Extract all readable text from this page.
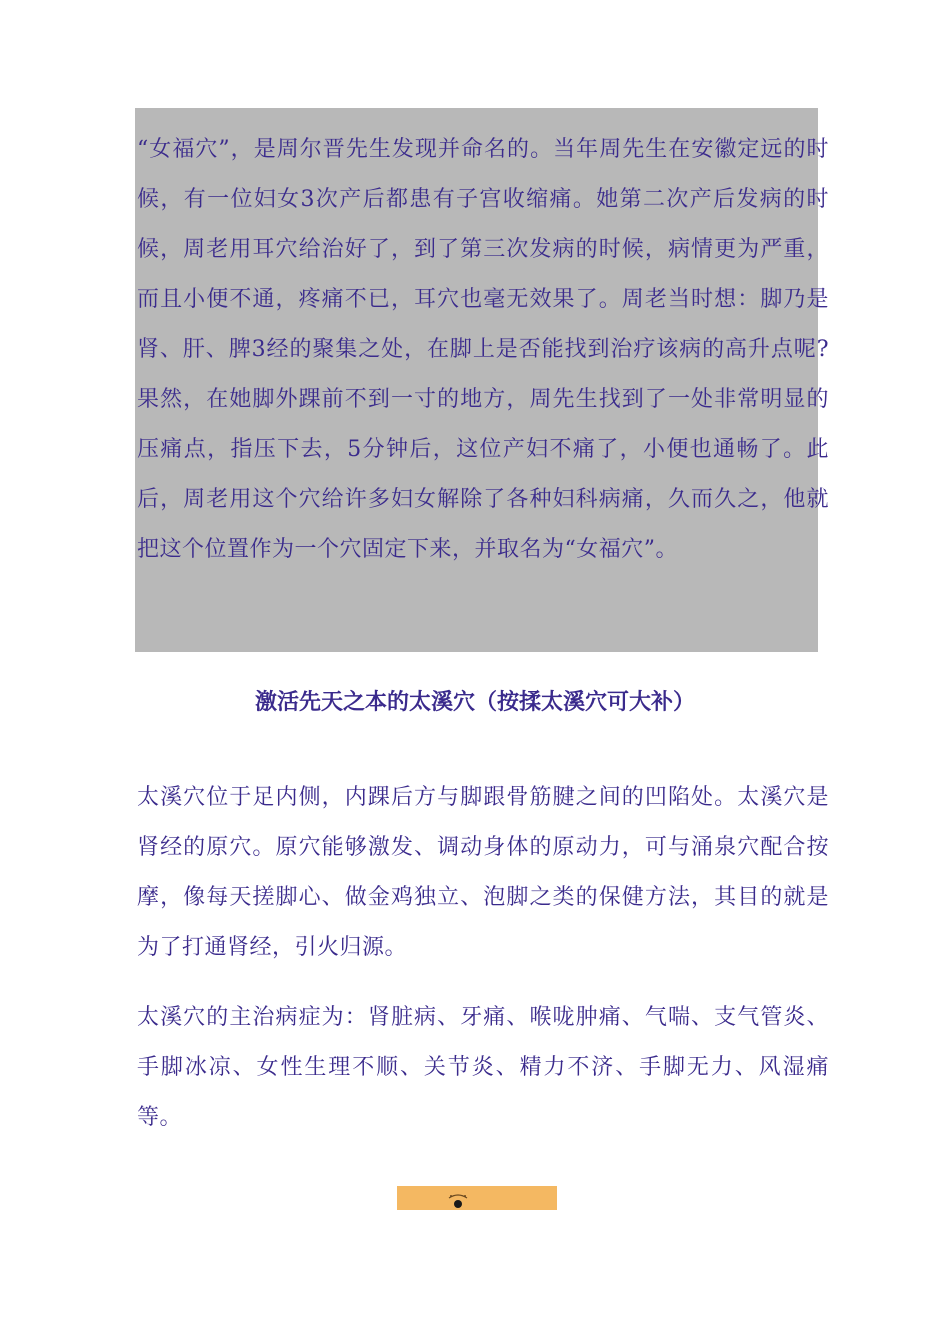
“女福穴”，是周尔晋先生发现并命名的。当年周先生在安徽定远的时候，有一位妇女3次产后都患有子宫收缩痛。她第二次产后发病的时候，周老用耳穴给治好了，到了第三次发病的时候，病情更为严重，而且小便不通，疼痛不已，耳穴也毫无效果了。周老当时想：脚乃是肾、肝、脾3经的聚集之处，在脚上是否能找到治疗该病的高升点呢?果然，在她脚外踝前不到一寸的地方，周先生找到了一处非常明显的压痛点，指压下去，5分钟后，这位产妇不痛了，小便也通畅了。此后，周老用这个穴给许多妇女解除了各种妇科病痛，久而久之，他就把这个位置作为一个穴固定下来，并取名为“女福穴”。

激活先天之本的太溪穴（按揉太溪穴可大补）

太溪穴位于足内侧，内踝后方与脚跟骨筋腱之间的凹陷处。太溪穴是肾经的原穴。原穴能够激发、调动身体的原动力，可与涌泉穴配合按摩，像每天搓脚心、做金鸡独立、泡脚之类的保健方法，其目的就是为了打通肾经，引火归源。

太溪穴的主治病症为：肾脏病、牙痛、喉咙肿痛、气喘、支气管炎、手脚冰凉、女性生理不顺、关节炎、精力不济、手脚无力、风湿痛等。
